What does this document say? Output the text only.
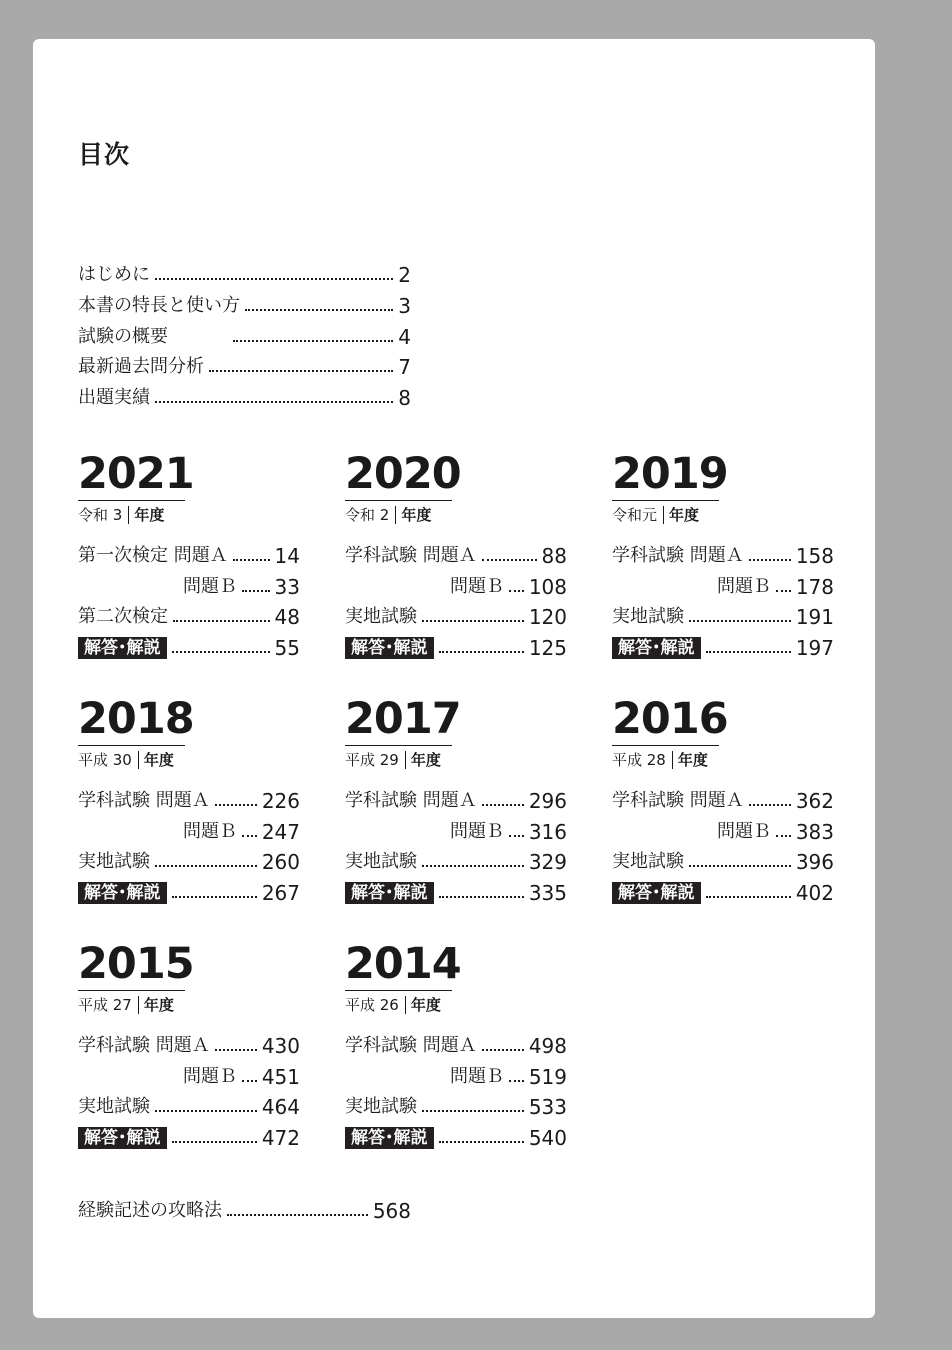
目次
はじめに	2
本書の特長と使い方	3
試験の概要	4
最新過去問分析	7
出題実績	8
2021
令和 3 年度
第一次検定 問題Ａ 14
問題Ｂ 33
第二次検定	48
解答･解説	55
2020
令和 2 年度
学科試験 問題Ａ	88
問題Ｂ 108
実地試験	120
解答･解説	125
2019
令和元 年度
学科試験 問題Ａ	158
問題Ｂ 178
実地試験	191
解答･解説	197
2018
平成 30 年度
学科試験 問題Ａ	226
問題Ｂ 247
実地試験	260
解答･解説	267
2017
平成 29 年度
学科試験 問題Ａ	296
問題Ｂ 316
実地試験	329
解答･解説	335
2016
平成 28 年度
学科試験 問題Ａ	362
問題Ｂ 383
実地試験	396
解答･解説	402
2015
平成 27 年度
学科試験 問題Ａ	430
問題Ｂ 451
実地試験	464
解答･解説	472
2014
平成 26 年度
学科試験 問題Ａ	498
問題Ｂ 519
実地試験	533
解答･解説	540
経験記述の攻略法	568
